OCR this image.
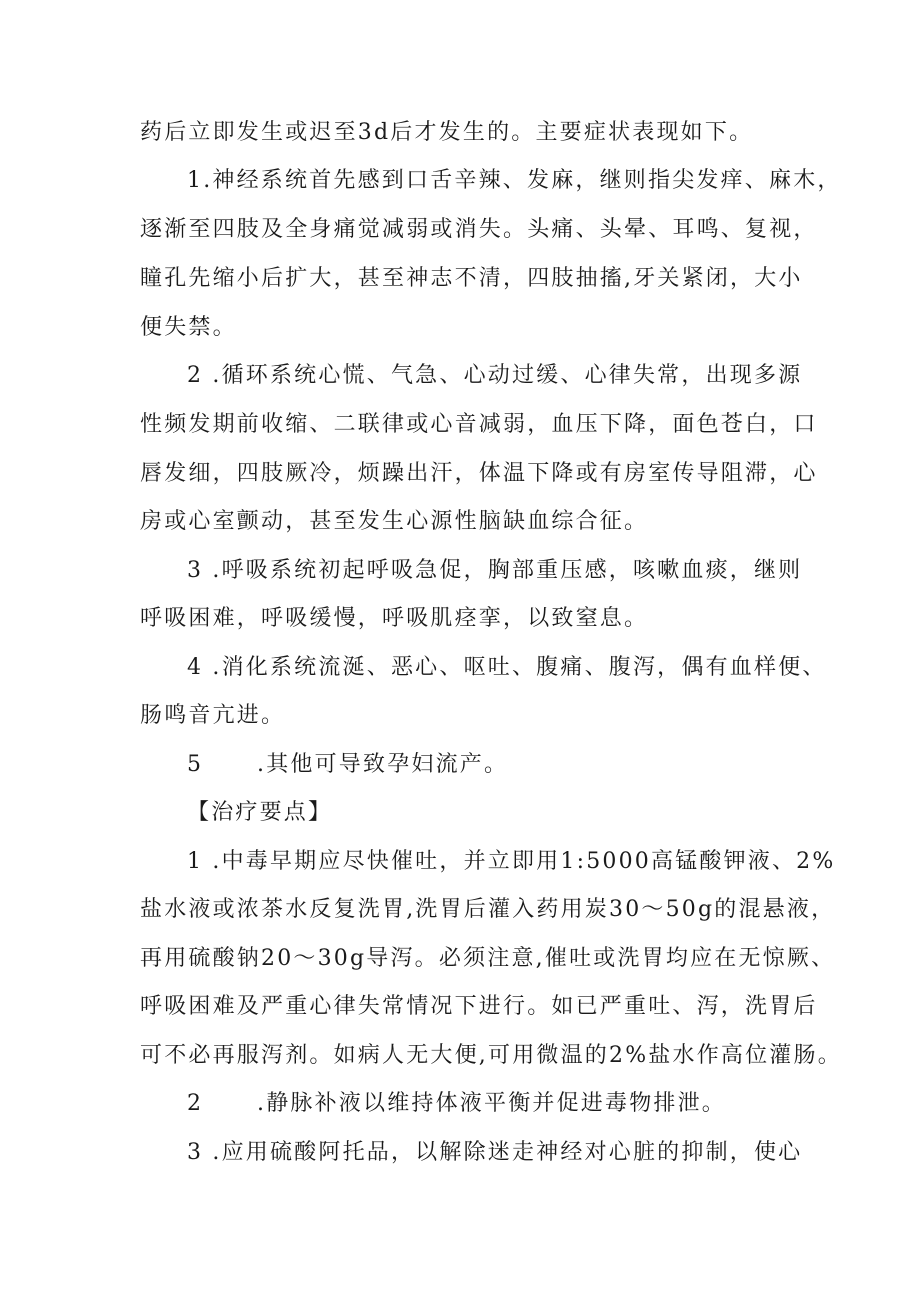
药后立即发生或迟至3d后才发生的。主要症状表现如下。
1.神经系统首先感到口舌辛辣、发麻，继则指尖发痒、麻木，
逐渐至四肢及全身痛觉减弱或消失。头痛、头晕、耳鸣、复视，
瞳孔先缩小后扩大，甚至神志不清，四肢抽搐,牙关紧闭，大小
便失禁。
2 .循环系统心慌、气急、心动过缓、心律失常，出现多源
性频发期前收缩、二联律或心音减弱，血压下降，面色苍白，口
唇发细，四肢厥冷，烦躁出汗，体温下降或有房室传导阻滞，心
房或心室颤动，甚至发生心源性脑缺血综合征。
3 .呼吸系统初起呼吸急促，胸部重压感，咳嗽血痰，继则
呼吸困难，呼吸缓慢，呼吸肌痉挛，以致窒息。
4 .消化系统流涎、恶心、呕吐、腹痛、腹泻，偶有血样便、
肠鸣音亢进。
5	.其他可导致孕妇流产。
【治疗要点】
1 .中毒早期应尽快催吐，并立即用1:5000高锰酸钾液、2%
盐水液或浓茶水反复洗胃,洗胃后灌入药用炭30～50g的混悬液，
再用硫酸钠20～30g导泻。必须注意,催吐或洗胃均应在无惊厥、
呼吸困难及严重心律失常情况下进行。如已严重吐、泻，洗胃后
可不必再服泻剂。如病人无大便,可用微温的2%盐水作高位灌肠。
2	.静脉补液以维持体液平衡并促进毒物排泄。
3 .应用硫酸阿托品，以解除迷走神经对心脏的抑制，使心
